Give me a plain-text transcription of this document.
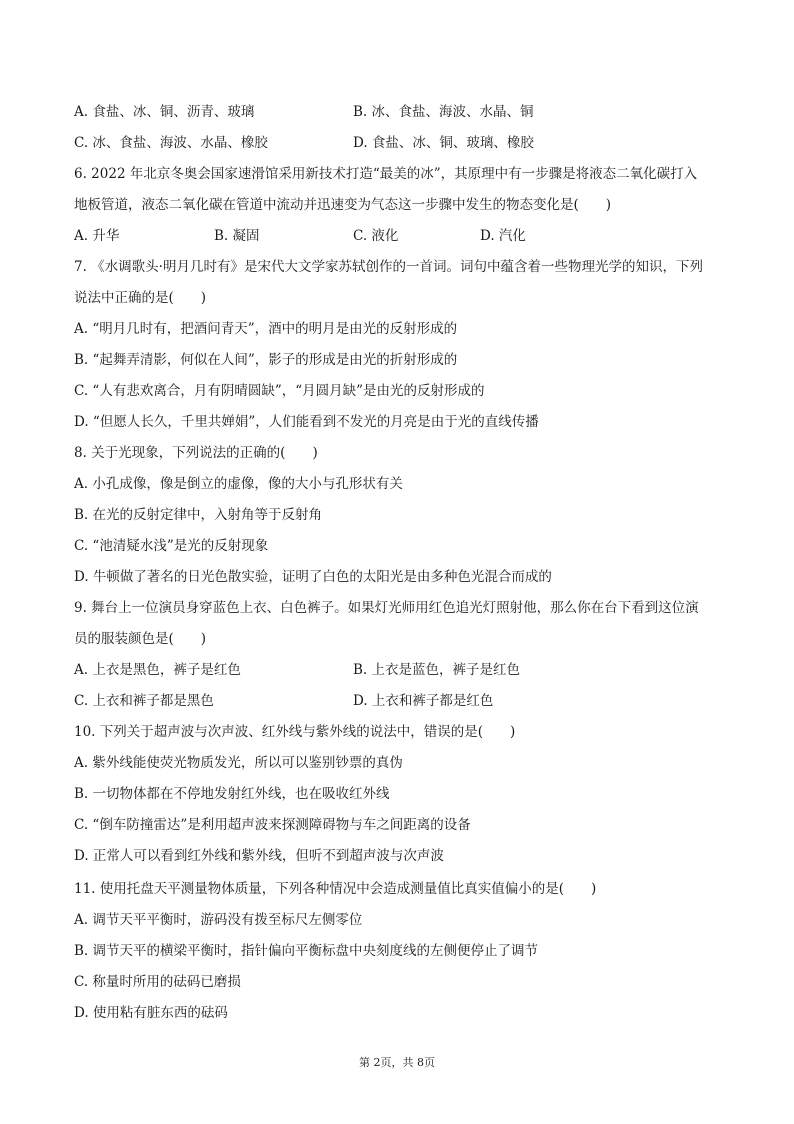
A. 食盐、冰、铜、沥青、玻璃	B. 冰、食盐、海波、水晶、铜
C. 冰、食盐、海波、水晶、橡胶	D. 食盐、冰、铜、玻璃、橡胶
6. 2022 年北京冬奥会国家速滑馆采用新技术打造“最美的冰”，其原理中有一步骤是将液态二氧化碳打入
地板管道，液态二氧化碳在管道中流动并迅速变为气态这一步骤中发生的物态变化是(　　)
A. 升华	B. 凝固	C. 液化	D. 汽化
7. 《水调歌头·明月几时有》是宋代大文学家苏轼创作的一首词。词句中蕴含着一些物理光学的知识，下列
说法中正确的是(　　)
A. “明月几时有，把酒问青天”，酒中的明月是由光的反射形成的
B. “起舞弄清影，何似在人间”，影子的形成是由光的折射形成的
C. “人有悲欢离合，月有阴晴圆缺”，“月圆月缺”是由光的反射形成的
D. “但愿人长久，千里共婵娟”，人们能看到不发光的月亮是由于光的直线传播
8. 关于光现象，下列说法的正确的(　　)
A. 小孔成像，像是倒立的虚像，像的大小与孔形状有关
B. 在光的反射定律中，入射角等于反射角
C. “池清疑水浅”是光的反射现象
D. 牛顿做了著名的日光色散实验，证明了白色的太阳光是由多种色光混合而成的
9. 舞台上一位演员身穿蓝色上衣、白色裤子。如果灯光师用红色追光灯照射他，那么你在台下看到这位演
员的服装颜色是(　　)
A. 上衣是黑色，裤子是红色	B. 上衣是蓝色，裤子是红色
C. 上衣和裤子都是黑色	D. 上衣和裤子都是红色
10. 下列关于超声波与次声波、红外线与紫外线的说法中，错误的是(　　)
A. 紫外线能使荧光物质发光，所以可以鉴别钞票的真伪
B. 一切物体都在不停地发射红外线，也在吸收红外线
C. “倒车防撞雷达”是利用超声波来探测障碍物与车之间距离的设备
D. 正常人可以看到红外线和紫外线，但听不到超声波与次声波
11. 使用托盘天平测量物体质量，下列各种情况中会造成测量值比真实值偏小的是(　　)
A. 调节天平平衡时，游码没有拨至标尺左侧零位
B. 调节天平的横梁平衡时，指针偏向平衡标盘中央刻度线的左侧便停止了调节
C. 称量时所用的砝码已磨损
D. 使用粘有脏东西的砝码
第 2页，共 8页
